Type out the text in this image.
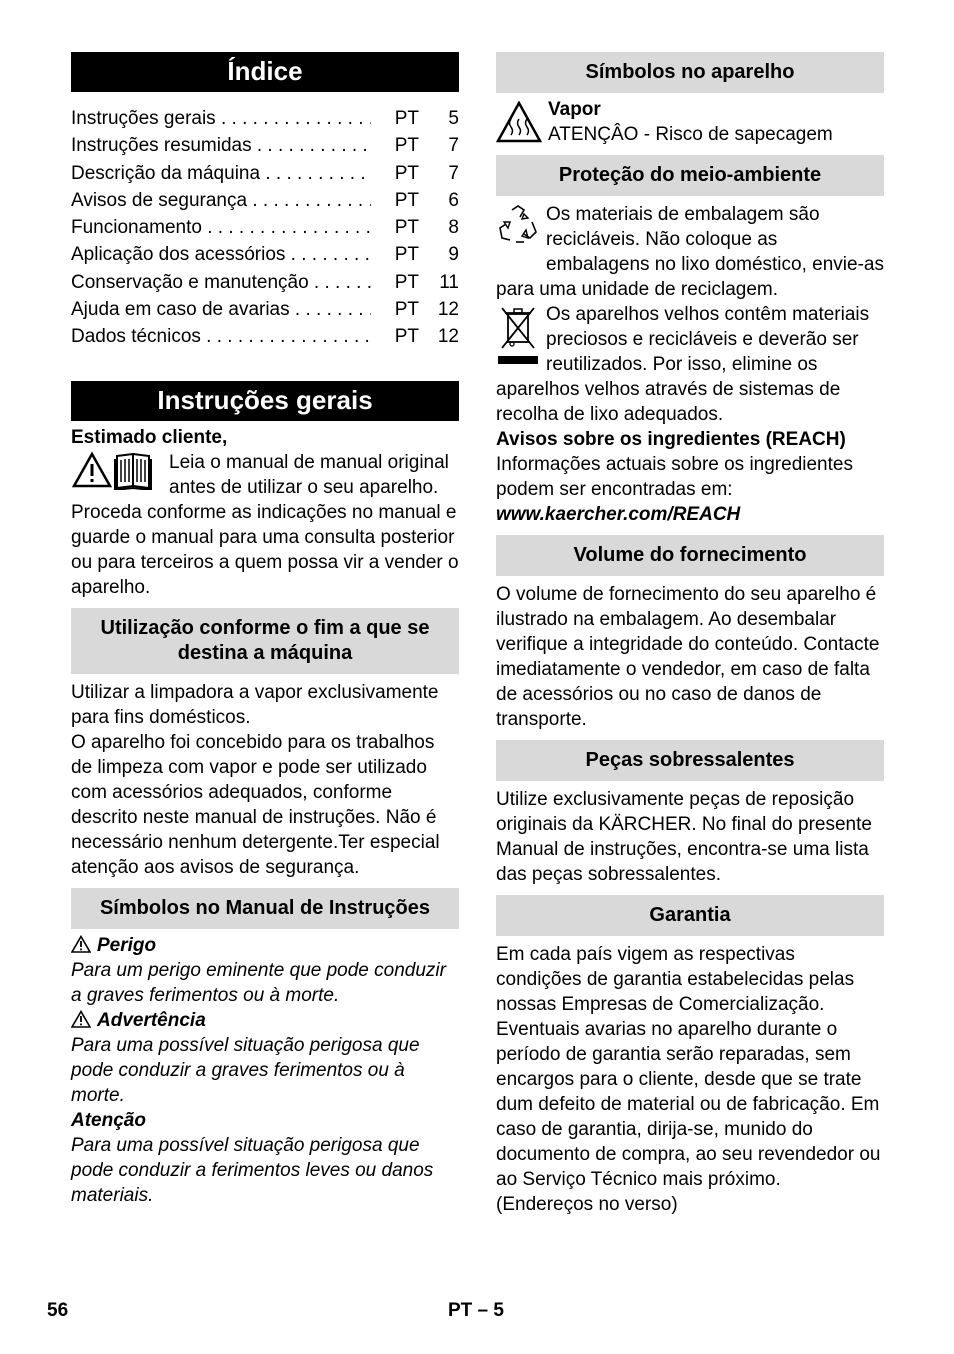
Índice
Instruções gerais . . .	PT	5
Instruções resumidas . . .	PT	7
Descrição da máquina . . .	PT	7
Avisos de segurança . . .	PT	6
Funcionamento . . .	PT	8
Aplicação dos acessórios . . .	PT	9
Conservação e manutenção . . .	PT	11
Ajuda em caso de avarias . . .	PT 12
Dados técnicos . . .	PT 12
Instruções gerais

Estimado cliente,

Leia o manual de manual original antes de utilizar o seu aparelho. Proceda conforme as indicações no manual e guarde o manual para uma consulta posterior ou para terceiros a quem possa vir a vender o aparelho.
Utilização conforme o fim a que se destina a máquina

Utilizar a limpadora a vapor exclusivamente para fins domésticos.

O aparelho foi concebido para os trabalhos de limpeza com vapor e pode ser utilizado com acessórios adequados, conforme descrito neste manual de instruções. Não é necessário nenhum detergente.Ter especial atenção aos avisos de segurança.

Símbolos no Manual de Instruções

Perigo

Para um perigo eminente que pode conduzir a graves ferimentos ou à morte.

Advertência

Para uma possível situação perigosa que pode conduzir a graves ferimentos ou à morte.

Atenção

Para uma possível situação perigosa que pode conduzir a ferimentos leves ou danos materiais.

Símbolos no aparelho

Vapor

ATENÇÂO - Risco de sapecagem

Proteção do meio-ambiente
Os materiais de embalagem são recicláveis. Não coloque as embalagens no lixo doméstico, envie-as para uma unidade de reciclagem.
Os aparelhos velhos contêm materiais preciosos e recicláveis e deverão ser reutilizados. Por isso, elimine os aparelhos velhos através de sistemas de recolha de lixo adequados.

Avisos sobre os ingredientes (REACH)

Informações actuais sobre os ingredientes podem ser encontradas em:

www.kaercher.com/REACH

Volume do fornecimento

O volume de fornecimento do seu aparelho é ilustrado na embalagem. Ao desembalar verifique a integridade do conteúdo. Contacte imediatamente o vendedor, em caso de falta de acessórios ou no caso de danos de transporte.

Peças sobressalentes

Utilize exclusivamente peças de reposição originais da KÄRCHER. No final do presente Manual de instruções, encontra-se uma lista das peças sobressalentes.

Garantia

Em cada país vigem as respectivas condições de garantia estabelecidas pelas nossas Empresas de Comercialização. Eventuais avarias no aparelho durante o período de garantia serão reparadas, sem encargos para o cliente, desde que se trate dum defeito de material ou de fabricação. Em caso de garantia, dirija-se, munido do documento de compra, ao seu revendedor ou ao Serviço Técnico mais próximo.

(Endereços no verso)

56	PT – 5
